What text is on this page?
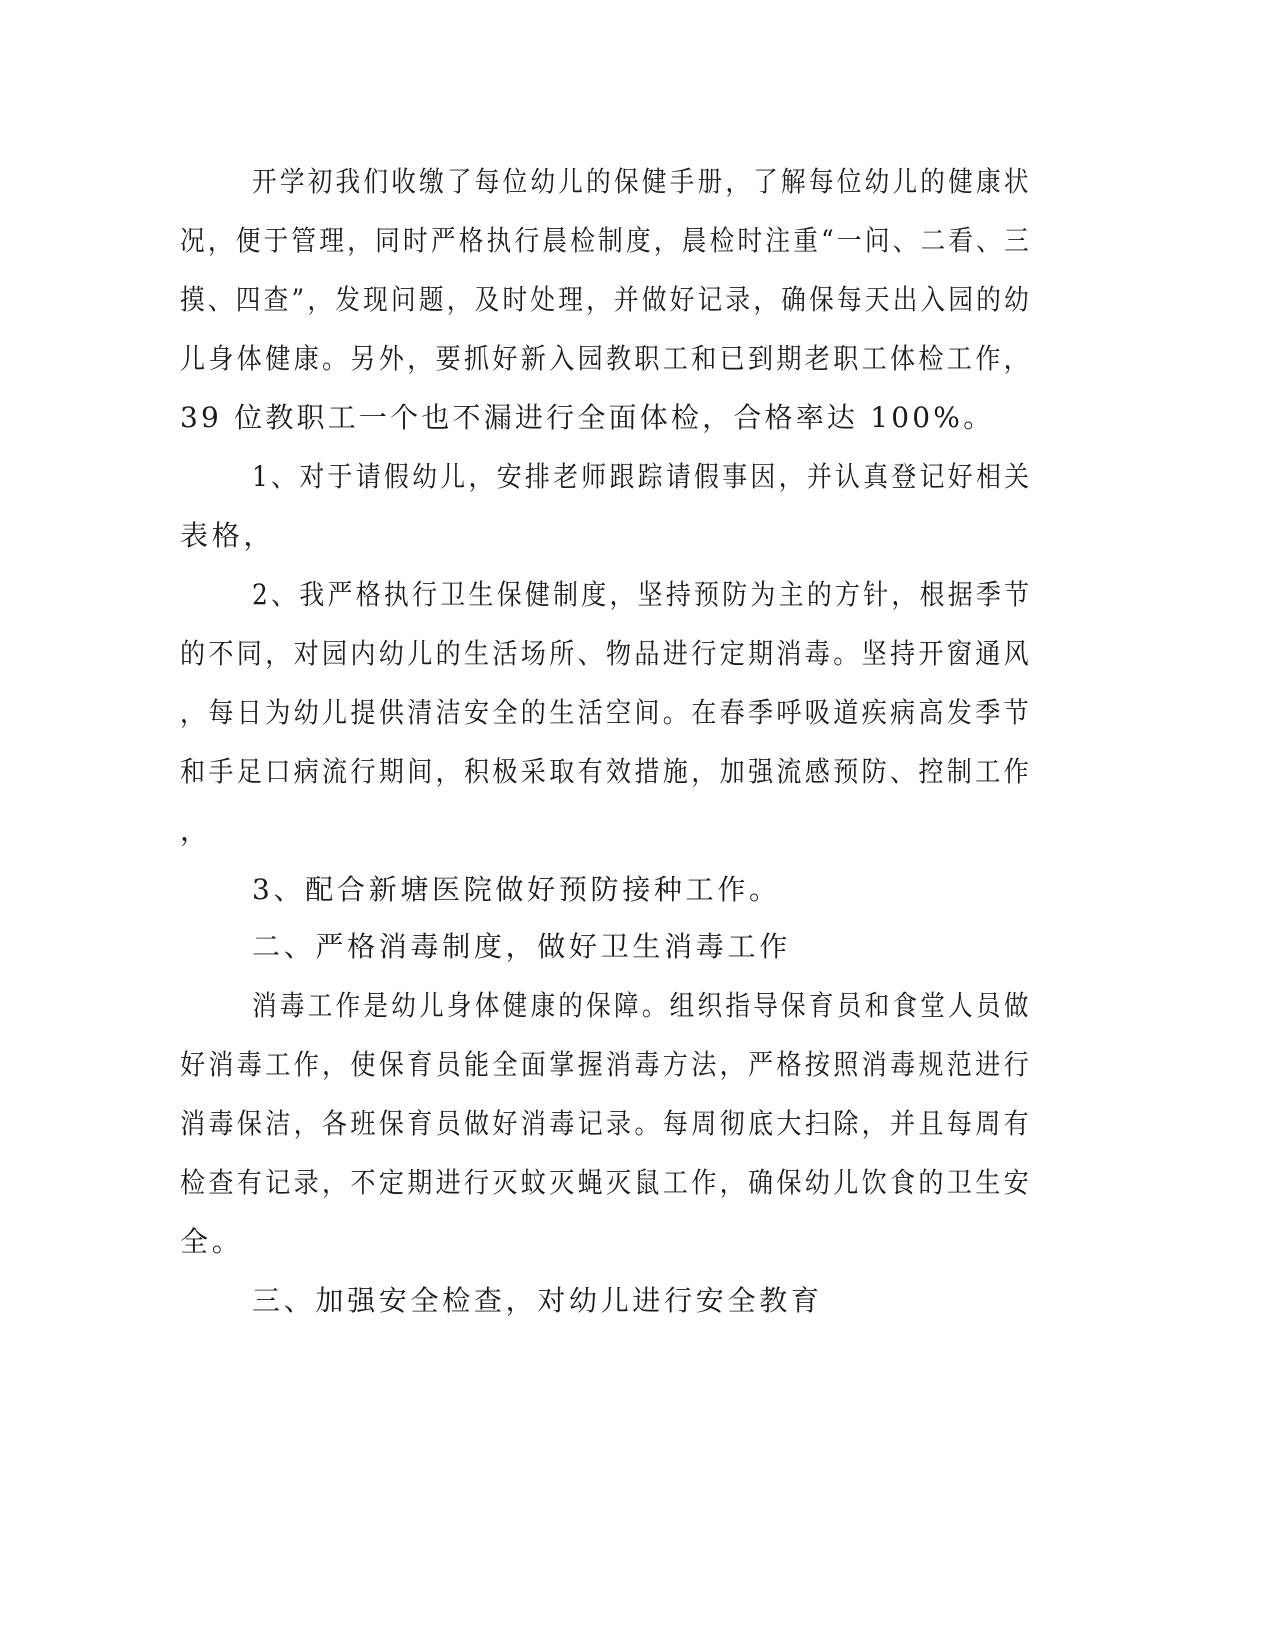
开学初我们收缴了每位幼儿的保健手册，了解每位幼儿的健康状

况，便于管理，同时严格执行晨检制度，晨检时注重“一问、二看、三

摸、四查”，发现问题，及时处理，并做好记录，确保每天出入园的幼

儿身体健康。另外，要抓好新入园教职工和已到期老职工体检工作，

39 位教职工一个也不漏进行全面体检，合格率达 100%。

1、对于请假幼儿，安排老师跟踪请假事因，并认真登记好相关

表格，

2、我严格执行卫生保健制度，坚持预防为主的方针，根据季节

的不同，对园内幼儿的生活场所、物品进行定期消毒。坚持开窗通风

，每日为幼儿提供清洁安全的生活空间。在春季呼吸道疾病高发季节

和手足口病流行期间，积极采取有效措施，加强流感预防、控制工作

，

3、配合新塘医院做好预防接种工作。

二、严格消毒制度，做好卫生消毒工作

消毒工作是幼儿身体健康的保障。组织指导保育员和食堂人员做

好消毒工作，使保育员能全面掌握消毒方法，严格按照消毒规范进行

消毒保洁，各班保育员做好消毒记录。每周彻底大扫除，并且每周有

检查有记录，不定期进行灭蚊灭蝇灭鼠工作，确保幼儿饮食的卫生安

全。

三、加强安全检查，对幼儿进行安全教育
